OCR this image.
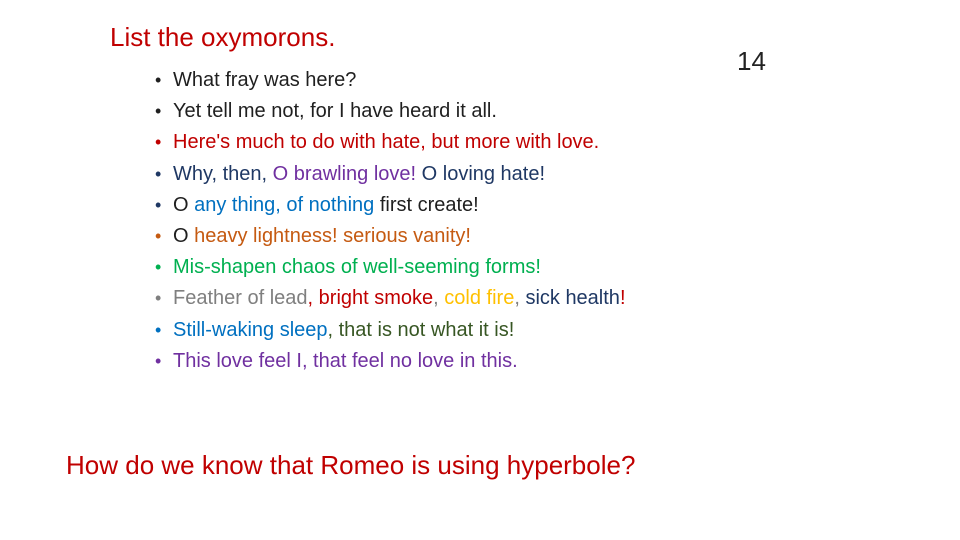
List the oxymorons.
14
• What fray was here?
• Yet tell me not, for I have heard it all.
• Here's much to do with hate, but more with love.
• Why, then, O brawling love! O loving hate!
• O any thing, of nothing first create!
• O heavy lightness! serious vanity!
• Mis-shapen chaos of well-seeming forms!
• Feather of lead, bright smoke, cold fire, sick health!
• Still-waking sleep, that is not what it is!
• This love feel I, that feel no love in this.
How do we know that Romeo is using hyperbole?
